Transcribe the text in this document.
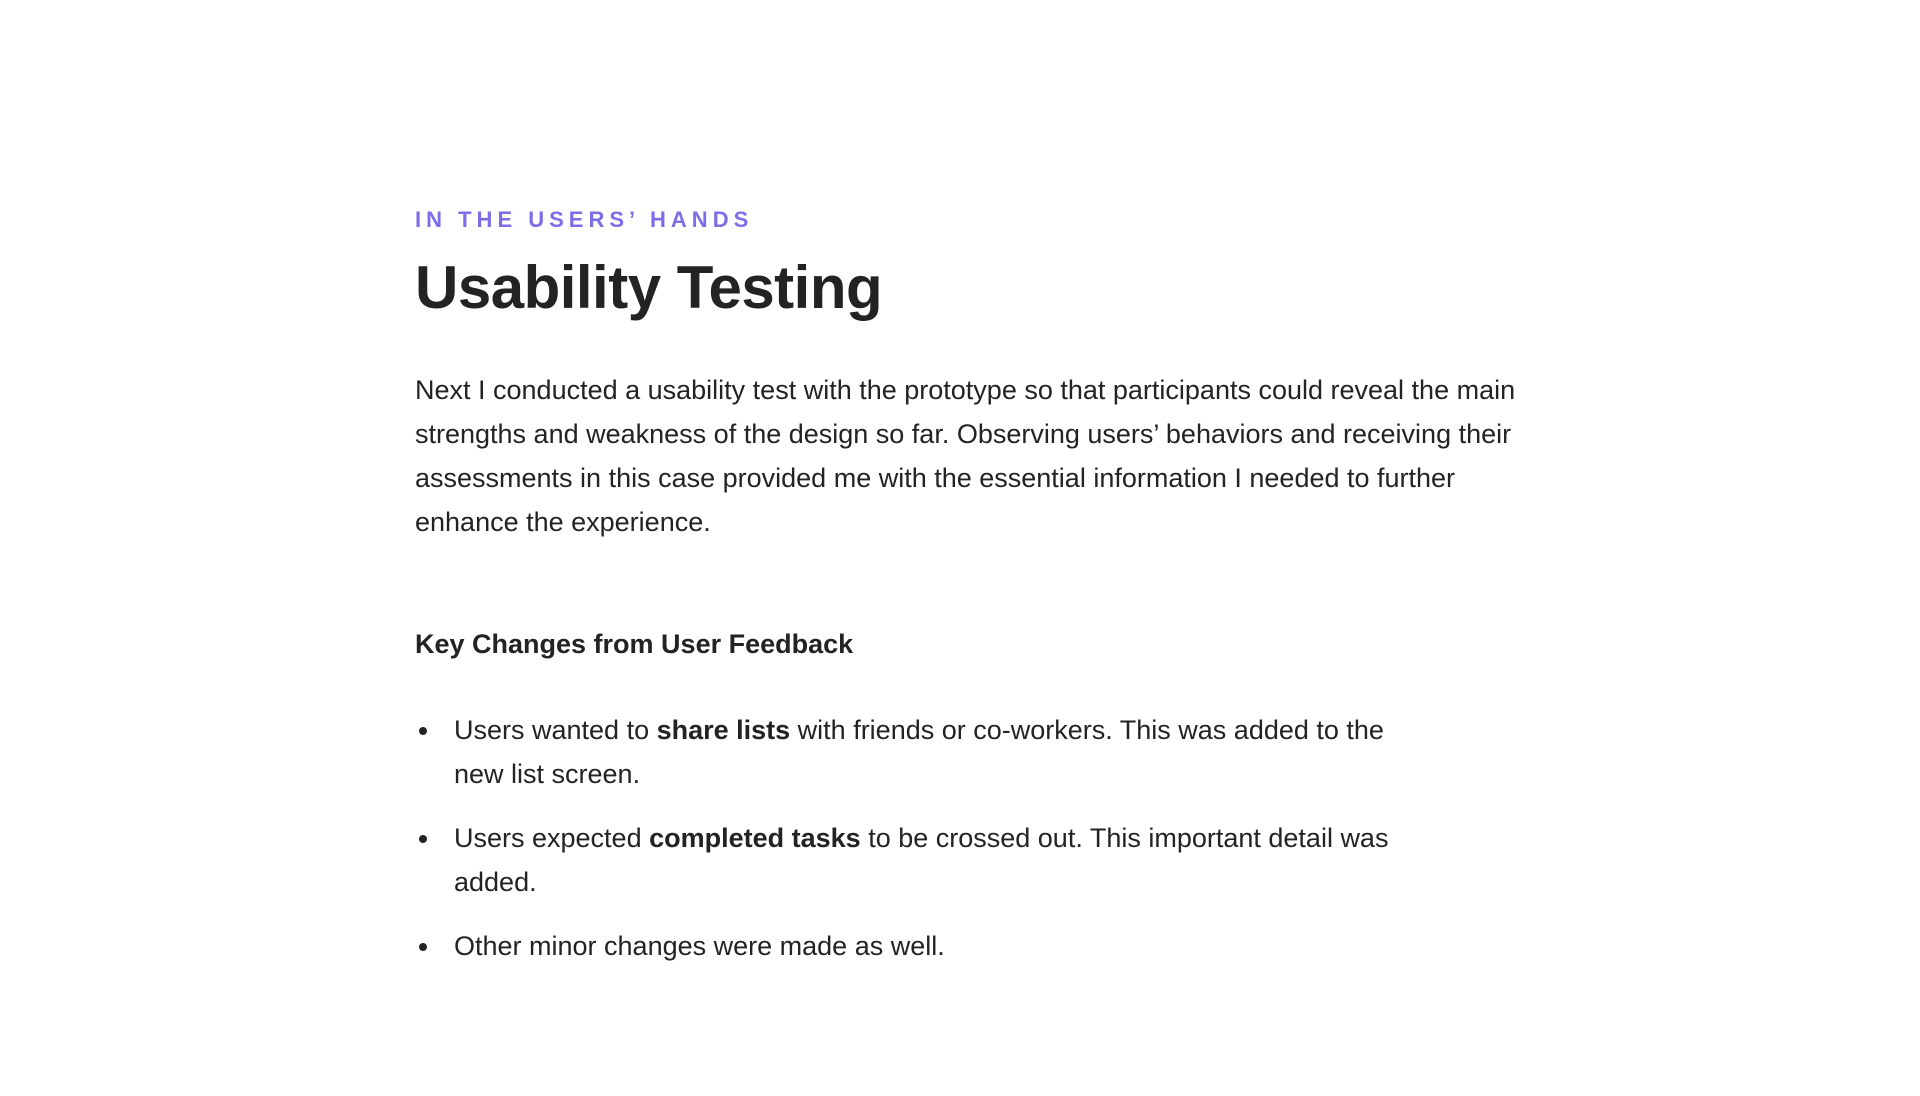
IN THE USERS’ HANDS

Usability Testing

Next I conducted a usability test with the prototype so that participants could reveal the main strengths and weakness of the design so far. Observing users’ behaviors and receiving their assessments in this case provided me with the essential information I needed to further enhance the experience.

Key Changes from User Feedback
Users wanted to share lists with friends or co-workers. This was added to the new list screen.
Users expected completed tasks to be crossed out. This important detail was added.
Other minor changes were made as well.
